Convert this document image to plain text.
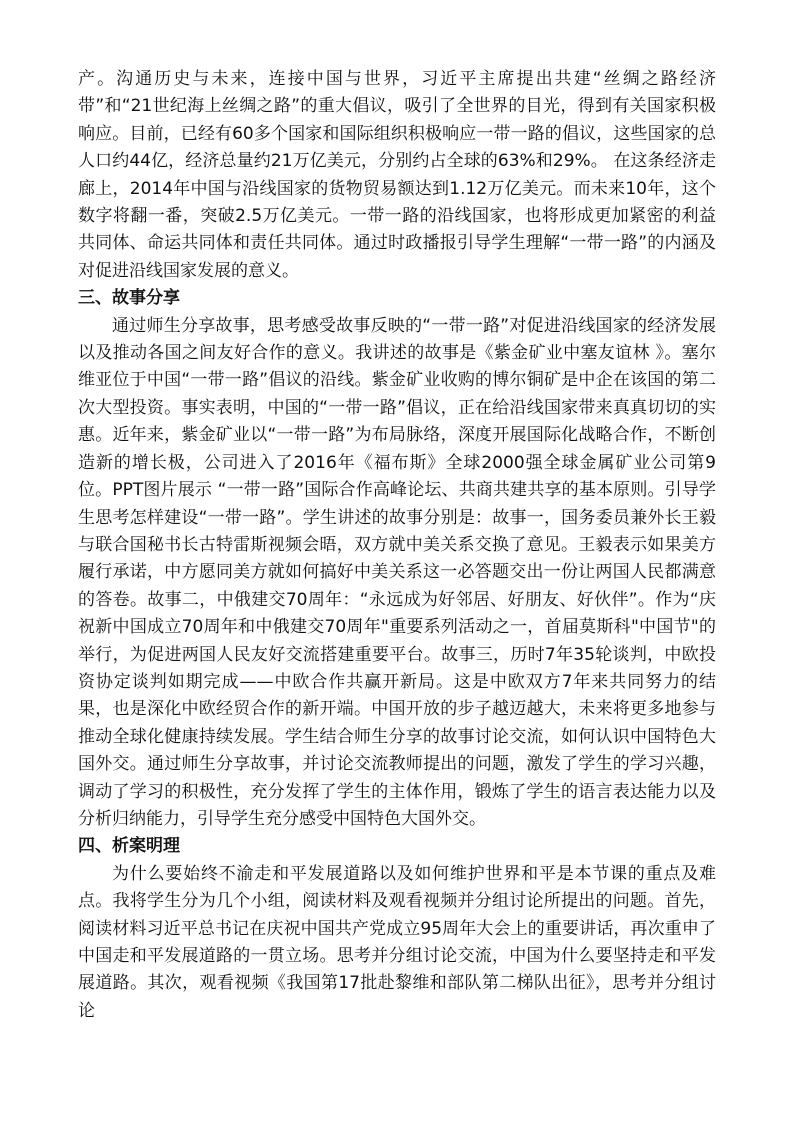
产。沟通历史与未来，连接中国与世界，习近平主席提出共建“丝绸之路经济带”和“21世纪海上丝绸之路”的重大倡议，吸引了全世界的目光，得到有关国家积极响应。目前，已经有60多个国家和国际组织积极响应一带一路的倡议，这些国家的总人口约44亿，经济总量约21万亿美元，分别约占全球的63%和29%。 在这条经济走廊上，2014年中国与沿线国家的货物贸易额达到1.12万亿美元。而未来10年，这个数字将翻一番，突破2.5万亿美元。一带一路的沿线国家，也将形成更加紧密的利益共同体、命运共同体和责任共同体。通过时政播报引导学生理解“一带一路”的内涵及对促进沿线国家发展的意义。

三、故事分享

通过师生分享故事，思考感受故事反映的“一带一路”对促进沿线国家的经济发展以及推动各国之间友好合作的意义。我讲述的故事是《紫金矿业中塞友谊林 》。塞尔维亚位于中国“一带一路”倡议的沿线。紫金矿业收购的博尔铜矿是中企在该国的第二次大型投资。事实表明，中国的“一带一路”倡议，正在给沿线国家带来真真切切的实惠。近年来，紫金矿业以“一带一路”为布局脉络，深度开展国际化战略合作，不断创造新的增长极，公司进入了2016年《福布斯》全球2000强全球金属矿业公司第9位。PPT图片展示 “一带一路”国际合作高峰论坛、共商共建共享的基本原则。引导学生思考怎样建设“一带一路”。学生讲述的故事分别是：故事一，国务委员兼外长王毅与联合国秘书长古特雷斯视频会晤，双方就中美关系交换了意见。王毅表示如果美方履行承诺，中方愿同美方就如何搞好中美关系这一必答题交出一份让两国人民都满意的答卷。故事二，中俄建交70周年：“永远成为好邻居、好朋友、好伙伴”。作为“庆祝新中国成立70周年和中俄建交70周年"重要系列活动之一，首届莫斯科"中国节"的举行，为促进两国人民友好交流搭建重要平台。故事三，历时7年35轮谈判，中欧投资协定谈判如期完成——中欧合作共赢开新局。这是中欧双方7年来共同努力的结果，也是深化中欧经贸合作的新开端。中国开放的步子越迈越大，未来将更多地参与推动全球化健康持续发展。学生结合师生分享的故事讨论交流，如何认识中国特色大国外交。通过师生分享故事，并讨论交流教师提出的问题，激发了学生的学习兴趣，调动了学习的积极性，充分发挥了学生的主体作用，锻炼了学生的语言表达能力以及分析归纳能力，引导学生充分感受中国特色大国外交。

四、析案明理

为什么要始终不渝走和平发展道路以及如何维护世界和平是本节课的重点及难点。我将学生分为几个小组，阅读材料及观看视频并分组讨论所提出的问题。首先，阅读材料习近平总书记在庆祝中国共产党成立95周年大会上的重要讲话，再次重申了中国走和平发展道路的一贯立场。思考并分组讨论交流，中国为什么要坚持走和平发展道路。其次，观看视频《我国第17批赴黎维和部队第二梯队出征》，思考并分组讨论
